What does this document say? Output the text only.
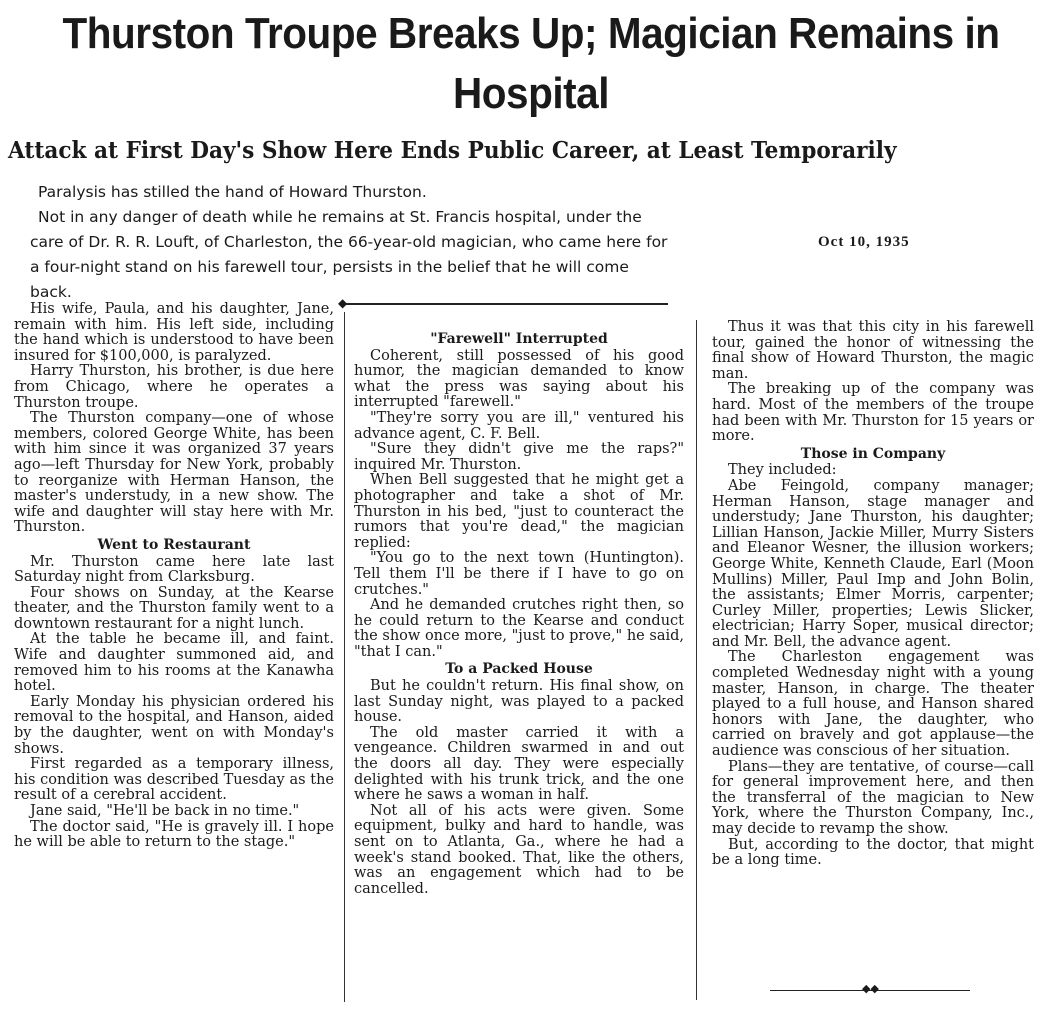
Thurston Troupe Breaks Up; Magician Remains in Hospital
Attack at First Day's Show Here Ends Public Career, at Least Temporarily
Oct 10, 1935

Paralysis has stilled the hand of Howard Thurston.

Not in any danger of death while he remains at St. Francis hospital, under the care of Dr. R. R. Louft, of Charleston, the 66-year-old magician, who came here for a four-night stand on his farewell tour, persists in the belief that he will come back.

◆

His wife, Paula, and his daughter, Jane, remain with him. His left side, including the hand which is understood to have been insured for $100,000, is paralyzed.

Harry Thurston, his brother, is due here from Chicago, where he operates a Thurston troupe.

The Thurston company—one of whose members, colored George White, has been with him since it was organized 37 years ago—left Thursday for New York, probably to reorganize with Herman Hanson, the master's understudy, in a new show. The wife and daughter will stay here with Mr. Thurston.

Went to Restaurant

Mr. Thurston came here late last Saturday night from Clarksburg.

Four shows on Sunday, at the Kearse theater, and the Thurston family went to a downtown restaurant for a night lunch.

At the table he became ill, and faint. Wife and daughter summoned aid, and removed him to his rooms at the Kanawha hotel.

Early Monday his physician ordered his removal to the hospital, and Hanson, aided by the daughter, went on with Monday's shows.

First regarded as a temporary illness, his condition was described Tuesday as the result of a cerebral accident.

Jane said, "He'll be back in no time."

The doctor said, "He is gravely ill. I hope he will be able to return to the stage."

"Farewell" Interrupted

Coherent, still possessed of his good humor, the magician demanded to know what the press was saying about his interrupted "farewell."

"They're sorry you are ill," ventured his advance agent, C. F. Bell.

"Sure they didn't give me the raps?" inquired Mr. Thurston.

When Bell suggested that he might get a photographer and take a shot of Mr. Thurston in his bed, "just to counteract the rumors that you're dead," the magician replied:

"You go to the next town (Huntington). Tell them I'll be there if I have to go on crutches."

And he demanded crutches right then, so he could return to the Kearse and conduct the show once more, "just to prove," he said, "that I can."

To a Packed House

But he couldn't return. His final show, on last Sunday night, was played to a packed house.

The old master carried it with a vengeance. Children swarmed in and out the doors all day. They were especially delighted with his trunk trick, and the one where he saws a woman in half.

Not all of his acts were given. Some equipment, bulky and hard to handle, was sent on to Atlanta, Ga., where he had a week's stand booked. That, like the others, was an engagement which had to be cancelled.

Thus it was that this city in his farewell tour, gained the honor of witnessing the final show of Howard Thurston, the magic man.

The breaking up of the company was hard. Most of the members of the troupe had been with Mr. Thurston for 15 years or more.

Those in Company

They included:

Abe Feingold, company manager; Herman Hanson, stage manager and understudy; Jane Thurston, his daughter; Lillian Hanson, Jackie Miller, Murry Sisters and Eleanor Wesner, the illusion workers; George White, Kenneth Claude, Earl (Moon Mullins) Miller, Paul Imp and John Bolin, the assistants; Elmer Morris, carpenter; Curley Miller, properties; Lewis Slicker, electrician; Harry Soper, musical director; and Mr. Bell, the advance agent.

The Charleston engagement was completed Wednesday night with a young master, Hanson, in charge. The theater played to a full house, and Hanson shared honors with Jane, the daughter, who carried on bravely and got applause—the audience was conscious of her situation.

Plans—they are tentative, of course—call for general improvement here, and then the transferral of the magician to New York, where the Thurston Company, Inc., may decide to revamp the show.

But, according to the doctor, that might be a long time.

◆◆
